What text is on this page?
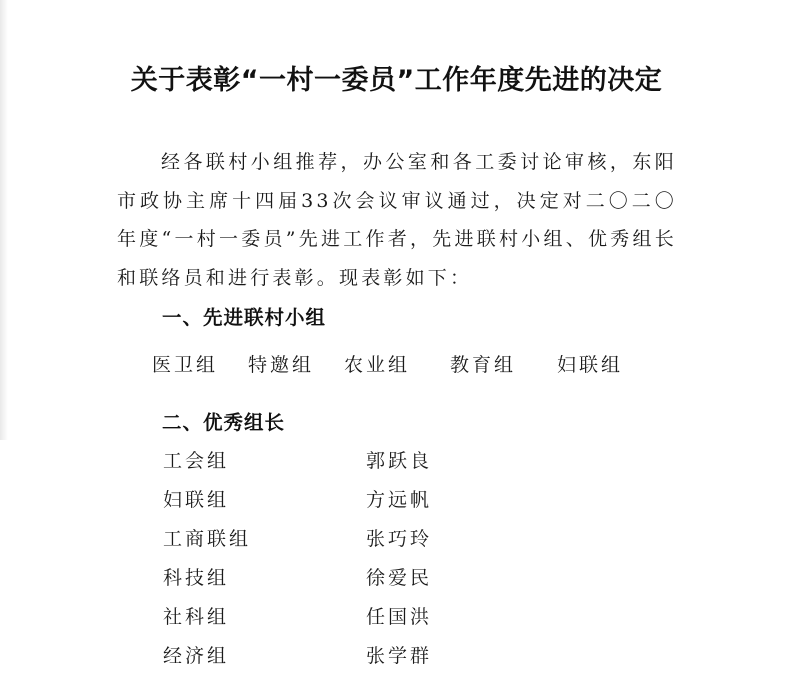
关于表彰“一村一委员”工作年度先进的决定

经各联村小组推荐，办公室和各工委讨论审核，东阳市政协主席十四届33次会议审议通过，决定对二〇二〇年度“一村一委员”先进工作者，先进联村小组、优秀组长和联络员和进行表彰。现表彰如下：

一、先进联村小组
医卫组 特邀组 农业组 教育组 妇联组
二、优秀组长
工会组	郭跃良
妇联组	方远帆
工商联组	张巧玲
科技组	徐爱民
社科组	任国洪
经济组	张学群
